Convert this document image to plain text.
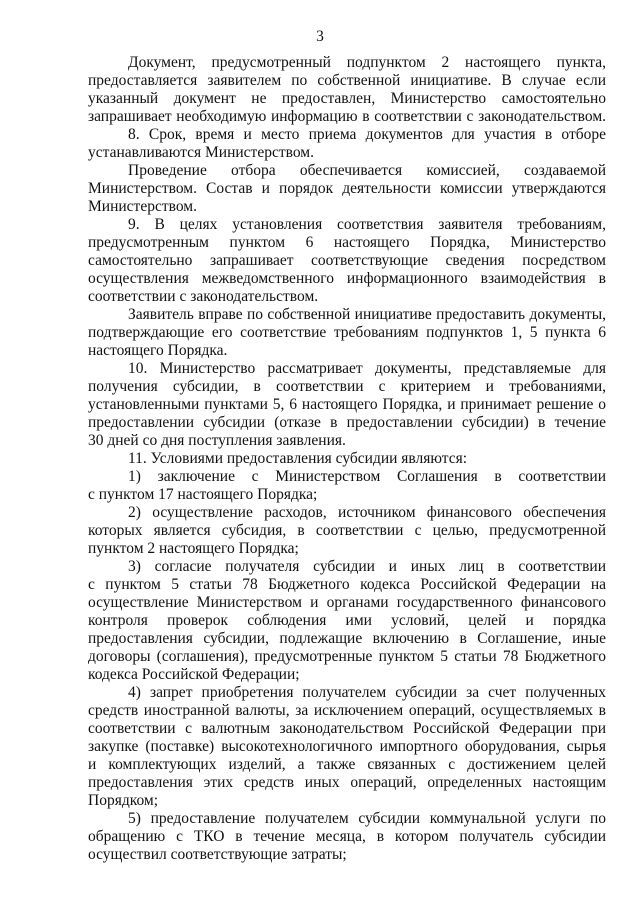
3
Документ, предусмотренный подпунктом 2 настоящего пункта,
предоставляется заявителем по собственной инициативе. В случае если
указанный документ не предоставлен, Министерство самостоятельно
запрашивает необходимую информацию в соответствии с законодательством.
8. Срок, время и место приема документов для участия в отборе
устанавливаются Министерством.
Проведение отбора обеспечивается комиссией, создаваемой
Министерством. Состав и порядок деятельности комиссии утверждаются
Министерством.
9. В целях установления соответствия заявителя требованиям,
предусмотренным пунктом 6 настоящего Порядка, Министерство
самостоятельно запрашивает соответствующие сведения посредством
осуществления межведомственного информационного взаимодействия в
соответствии с законодательством.
Заявитель вправе по собственной инициативе предоставить документы,
подтверждающие его соответствие требованиям подпунктов 1, 5 пункта 6
настоящего Порядка.
10. Министерство рассматривает документы, представляемые для
получения субсидии, в соответствии с критерием и требованиями,
установленными пунктами 5, 6 настоящего Порядка, и принимает решение о
предоставлении субсидии (отказе в предоставлении субсидии) в течение
30 дней со дня поступления заявления.
11. Условиями предоставления субсидии являются:
1) заключение с Министерством Соглашения в соответствии
с пунктом 17 настоящего Порядка;
2) осуществление расходов, источником финансового обеспечения
которых является субсидия, в соответствии с целью, предусмотренной
пунктом 2 настоящего Порядка;
3) согласие получателя субсидии и иных лиц в соответствии
с пунктом 5 статьи 78 Бюджетного кодекса Российской Федерации на
осуществление Министерством и органами государственного финансового
контроля проверок соблюдения ими условий, целей и порядка
предоставления субсидии, подлежащие включению в Соглашение, иные
договоры (соглашения), предусмотренные пунктом 5 статьи 78 Бюджетного
кодекса Российской Федерации;
4) запрет приобретения получателем субсидии за счет полученных
средств иностранной валюты, за исключением операций, осуществляемых в
соответствии с валютным законодательством Российской Федерации при
закупке (поставке) высокотехнологичного импортного оборудования, сырья
и комплектующих изделий, а также связанных с достижением целей
предоставления этих средств иных операций, определенных настоящим
Порядком;
5) предоставление получателем субсидии коммунальной услуги по
обращению с ТКО в течение месяца, в котором получатель субсидии
осуществил соответствующие затраты;
